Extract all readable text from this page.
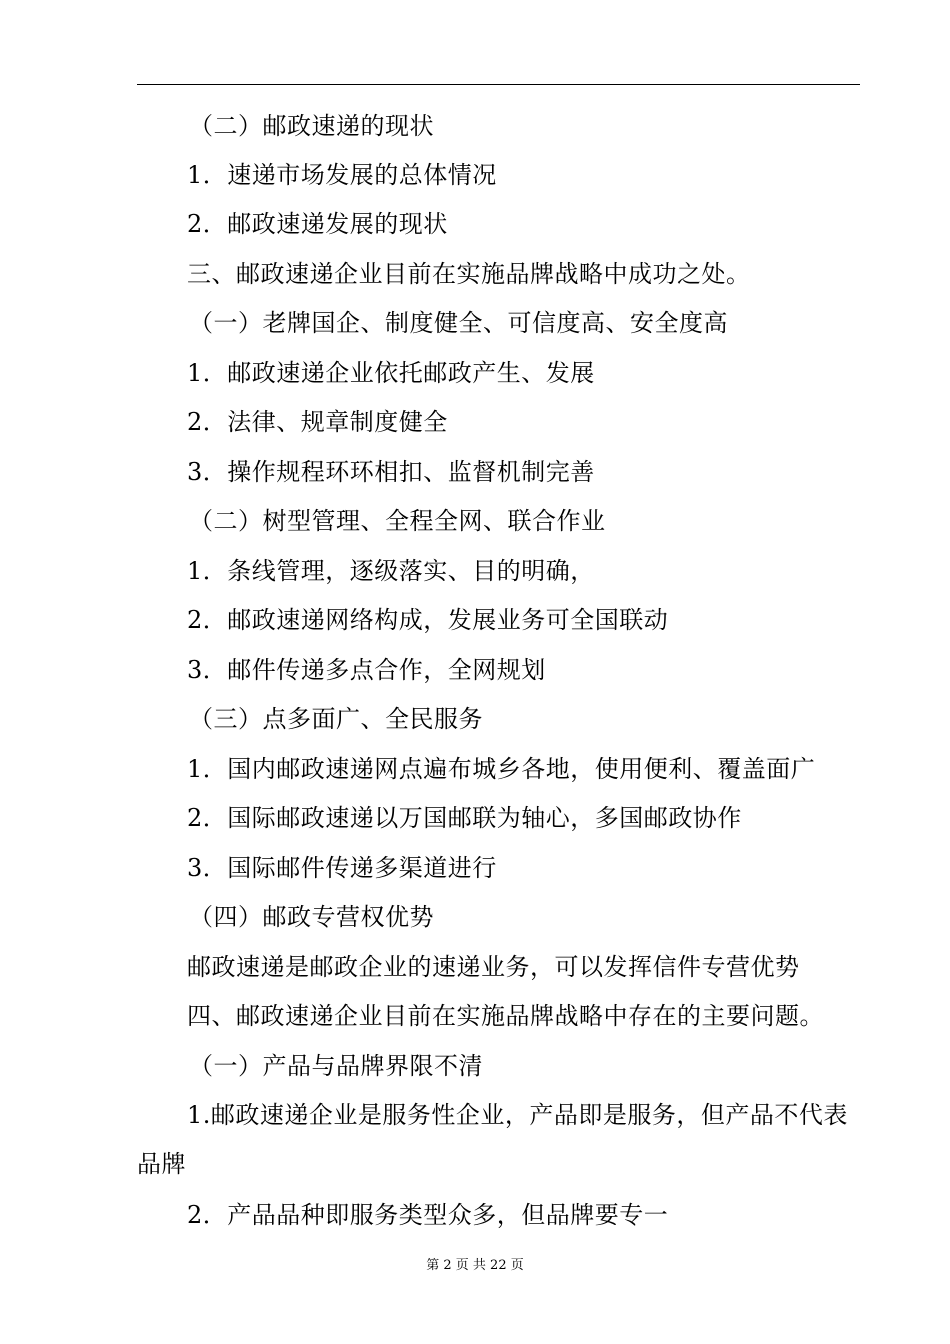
（二）邮政速递的现状
1．速递市场发展的总体情况
2．邮政速递发展的现状
三、邮政速递企业目前在实施品牌战略中成功之处。
（一）老牌国企、制度健全、可信度高、安全度高
1．邮政速递企业依托邮政产生、发展
2．法律、规章制度健全
3．操作规程环环相扣、监督机制完善
（二）树型管理、全程全网、联合作业
1．条线管理，逐级落实、目的明确，
2．邮政速递网络构成，发展业务可全国联动
3．邮件传递多点合作，全网规划
（三）点多面广、全民服务
1．国内邮政速递网点遍布城乡各地，使用便利、覆盖面广
2．国际邮政速递以万国邮联为轴心，多国邮政协作
3．国际邮件传递多渠道进行
（四）邮政专营权优势
邮政速递是邮政企业的速递业务，可以发挥信件专营优势
四、邮政速递企业目前在实施品牌战略中存在的主要问题。
（一）产品与品牌界限不清
1.邮政速递企业是服务性企业，产品即是服务，但产品不代表
品牌
2．产品品种即服务类型众多，但品牌要专一
第 2 页 共 22 页
